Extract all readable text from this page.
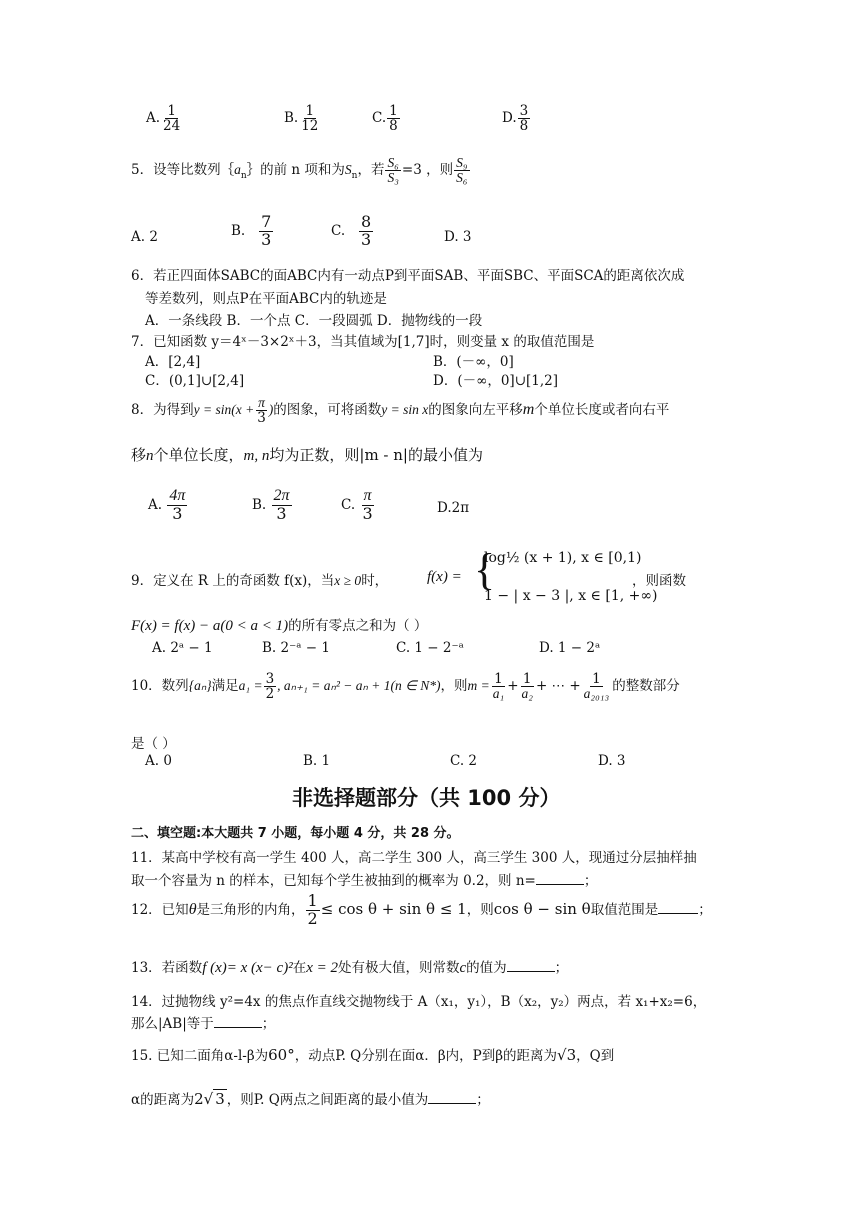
A. $\frac{1}{24}$	B. $\frac{1}{12}$	C. $\frac{1}{8}$	D. $\frac{3}{8}$
5．设等比数列$\{a_n\}$的前 n 项和为$S_n$，若 $\frac{\text{S₆}}{\text{S₃}} =3$ ，则 $\frac{\text{S₉}}{\text{S₆}}$
A. 2	B. $\frac{7}{3}$	C. $\frac{8}{3}$	D. 3
6．若正四面体SABC的面ABC内有一动点P到平面SAB、平面SBC、平面SCA的距离依次成
等差数列，则点P在平面ABC内的轨迹是
A．一条线段 B．一个点 C．一段圆弧 D．抛物线的一段
7．已知函数 y＝4ˣ－3×2ˣ＋3，当其值域为[1,7]时，则变量 x 的取值范围是
A．[2,4]	B．(－∞，0]
C．(0,1]∪[2,4]	D．(－∞，0]∪[1,2]
8．为得到$y = \sin(x + \frac{\pi}{3}$ )的图象，可将函数y = sin x的图象向左平移m个单位长度或者向右平
移n个单位长度，m, n均为正数，则|m - n|的最小值为
A. $\frac{4\pi}{3}$	B. $\frac{2\pi}{3}$	C. $\frac{\pi}{3}$	D.2π
9．定义在 R 上的奇函数 f(x)，当x ≥ 0时，	f(x) = {
log½ (x + 1), x ∈ [0,1)
1 − | x − 3 |, x ∈ [1, +∞)
，则函数
F(x) = f(x) − a(0 < a < 1)的所有零点之和为（ ）
A. 2ᵃ − 1	B. 2⁻ᵃ − 1	C. 1 − 2⁻ᵃ	D. 1 − 2ᵃ
10．数列{aₙ}满足$a_1 = \frac{3}{2}$ , aₙ₊₁ = aₙ² − aₙ + 1(n ∈ N*)，则$m = \frac{1}{\text{a₁}} + \frac{1}{\text{a₂}}$ + ⋯ + $\frac{1}{\text{a₂₀₁₃}}$ 的整数部分
是（ ）
A. 0	B. 1	C. 2	D. 3
非选择题部分（共 100 分）
二、填空题:本大题共 7 小题，每小题 4 分，共 28 分。
11．某高中学校有高一学生 400 人，高二学生 300 人，高三学生 300 人，现通过分层抽样抽
取一个容量为 n 的样本，已知每个学生被抽到的概率为 0.2，则 n=	；
12．已知θ是三角形的内角， $\frac{1}{2} \le \cos \theta + \sin \theta \le 1$，则cos θ − sin θ取值范围是	；
13．若函数f (x)= x (x− c)²在x = 2处有极大值，则常数c的值为	；
14．过抛物线 y²=4x 的焦点作直线交抛物线于 A（x₁，y₁），B（x₂，y₂）两点，若 x₁+x₂=6，
那么|AB|等于	；
15. 已知二面角α-l-β为60°，动点P. Q分别在面α．β内，P到β的距离为√3，Q到
α的距离为2√ 3 ，则P. Q两点之间距离的最小值为	；
